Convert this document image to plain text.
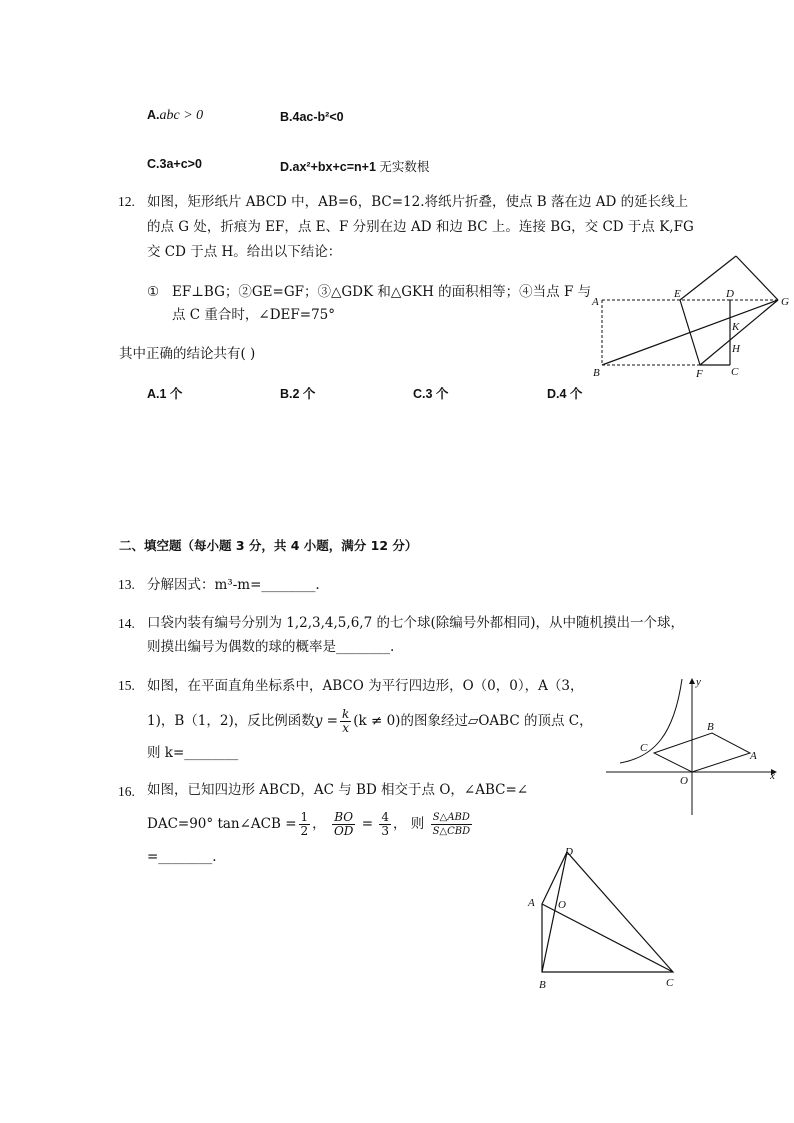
A.abc > 0	B.4ac-b²<0
C.3a+c>0	D.ax²+bx+c=n+1 无实数根
12. 如图，矩形纸片 ABCD 中，AB=6，BC=12.将纸片折叠，使点 B 落在边 AD 的延长线上
的点 G 处，折痕为 EF，点 E、F 分别在边 AD 和边 BC 上。连接 BG，交 CD 于点 K,FG
交 CD 于点 H。给出以下结论：
① EF⊥BG；②GE=GF；③△GDK 和△GKH 的面积相等；④当点 F 与
点 C 重合时，∠DEF=75°
其中正确的结论共有( )
A.1 个	B.2 个	C.3 个	D.4 个
A
E	D
G
K
H
B	F	C
二、填空题（每小题 3 分，共 4 小题，满分 12 分）
13. 分解因式：m³-m=________.
14. 口袋内装有编号分别为 1,2,3,4,5,6,7 的七个球(除编号外都相同)，从中随机摸出一个球，
则摸出编号为偶数的球的概率是________.
15. 如图，在平面直角坐标系中，ABCO 为平行四边形，O（0，0），A（3，
1)，B（1，2)，反比例函数$y = \frac{k}{x} (k \ne 0)$的图象经过▱OABC 的顶点 C，
则 k=________
y
x
O
A
B
C
16. 如图，已知四边形 ABCD，AC 与 BD 相交于点 O，∠ABC=∠
DAC=90° tan∠ACB = $\frac{1}{2}$ ， $\frac{BO}{OD} = \frac{4}{3}$ ， 则 $\frac{\text{S△ABD}}{\text{S△CBD}}$
=________.	D
A O
B	C
